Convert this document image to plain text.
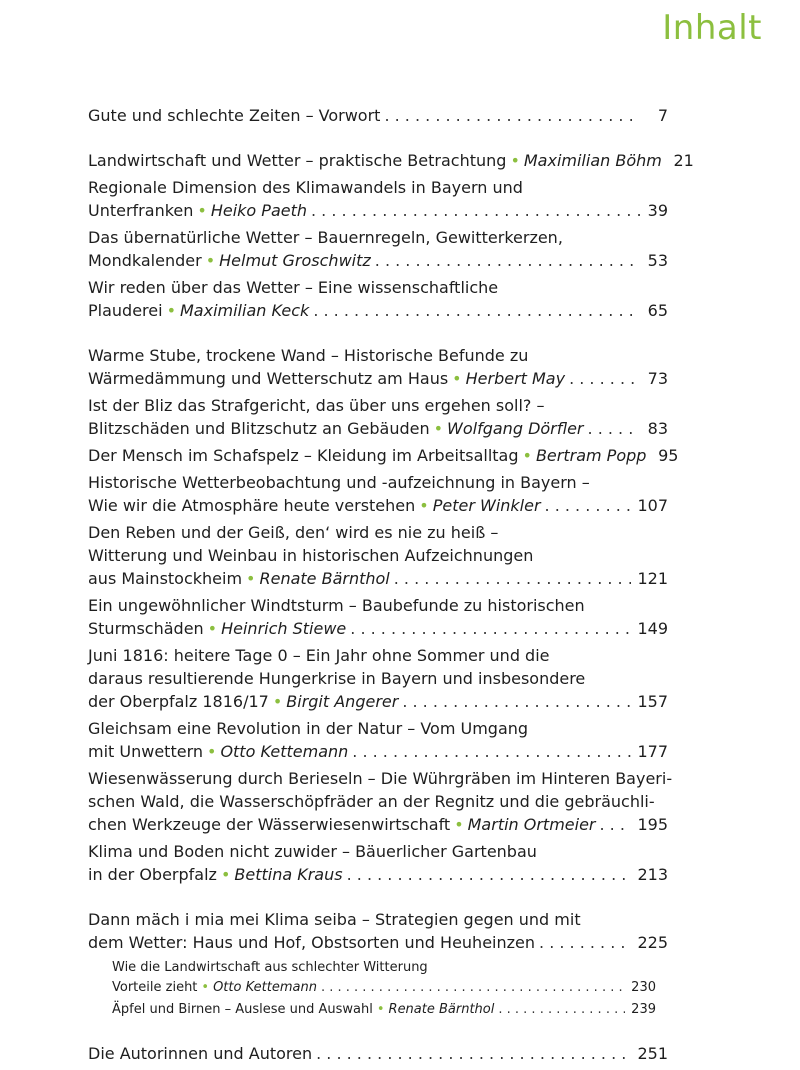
Inhalt
Gute und schlechte Zeiten – Vorwort . . .	7
Landwirtschaft und Wetter – praktische Betrachtung • Maximilian Böhm 21
Regionale Dimension des Klimawandels in Bayern und
Unterfranken • Heiko Paeth . . .	39
Das übernatürliche Wetter – Bauernregeln, Gewitterkerzen,
Mondkalender • Helmut Groschwitz . . .	53
Wir reden über das Wetter – Eine wissenschaftliche
Plauderei • Maximilian Keck . . .	65
Warme Stube, trockene Wand – Historische Befunde zu
Wärmedämmung und Wetterschutz am Haus • Herbert May . . .	73
Ist der Bliz das Strafgericht, das über uns ergehen soll? –
Blitzschäden und Blitzschutz an Gebäuden • Wolfgang Dörfler . . .	83
Der Mensch im Schafspelz – Kleidung im Arbeitsalltag • Bertram Popp 95
Historische Wetterbeobachtung und -aufzeichnung in Bayern –
Wie wir die Atmosphäre heute verstehen • Peter Winkler . . .	107
Den Reben und der Geiß, den‘ wird es nie zu heiß –
Witterung und Weinbau in historischen Aufzeichnungen
aus Mainstockheim • Renate Bärnthol . . .	121
Ein ungewöhnlicher Windtsturm – Baubefunde zu historischen
Sturmschäden • Heinrich Stiewe . . .	149
Juni 1816: heitere Tage 0 – Ein Jahr ohne Sommer und die
daraus resultierende Hungerkrise in Bayern und insbesondere
der Oberpfalz 1816/17 • Birgit Angerer . . .	157
Gleichsam eine Revolution in der Natur – Vom Umgang
mit Unwettern • Otto Kettemann . . .	177
Wiesenwässerung durch Berieseln – Die Wührgräben im Hinteren Bayeri-
schen Wald, die Wasserschöpfräder an der Regnitz und die gebräuchli-
chen Werkzeuge der Wässerwiesenwirtschaft • Martin Ortmeier . . .	195
Klima und Boden nicht zuwider – Bäuerlicher Gartenbau
in der Oberpfalz • Bettina Kraus . . .	213
Dann mäch i mia mei Klima seiba – Strategien gegen und mit
dem Wetter: Haus und Hof, Obstsorten und Heuheinzen . . .	225
Wie die Landwirtschaft aus schlechter Witterung
Vorteile zieht • Otto Kettemann . . .	230
Äpfel und Birnen – Auslese und Auswahl • Renate Bärnthol . . .	239
Die Autorinnen und Autoren . . .	251
